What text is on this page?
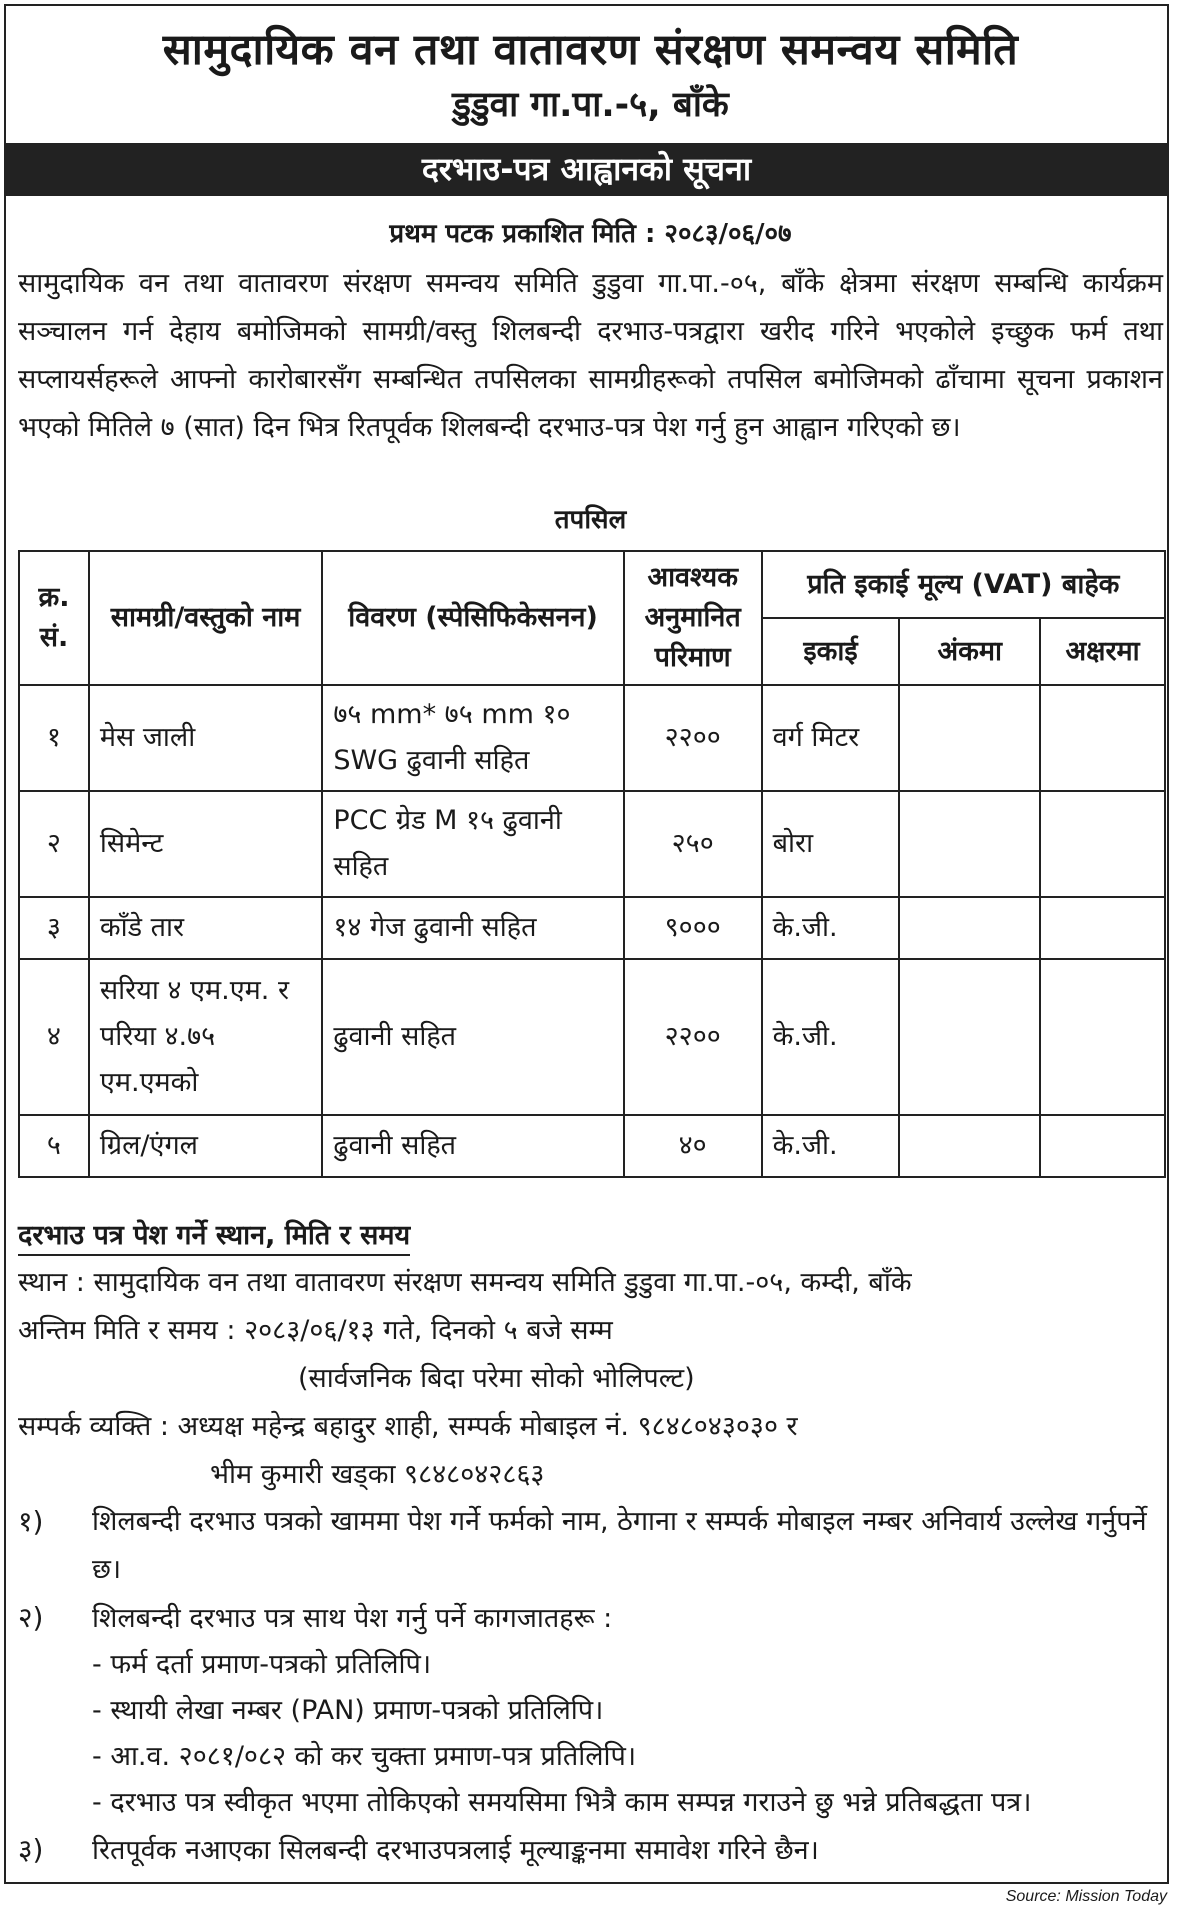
सामुदायिक वन तथा वातावरण संरक्षण समन्वय समिति
डुडुवा गा.पा.-५, बाँके
दरभाउ-पत्र आह्वानको सूचना
प्रथम पटक प्रकाशित मिति : २०८३/०६/०७
सामुदायिक वन तथा वातावरण संरक्षण समन्वय समिति डुडुवा गा.पा.-०५, बाँके क्षेत्रमा संरक्षण सम्बन्धि कार्यक्रम सञ्चालन गर्न देहाय बमोजिमको सामग्री/वस्तु शिलबन्दी दरभाउ-पत्रद्वारा खरीद गरिने भएकोले इच्छुक फर्म तथा सप्लायर्सहरूले आफ्नो कारोबारसँग सम्बन्धित तपसिलका सामग्रीहरूको तपसिल बमोजिमको ढाँचामा सूचना प्रकाशन भएको मितिले ७ (सात) दिन भित्र रितपूर्वक शिलबन्दी दरभाउ-पत्र पेश गर्नु हुन आह्वान गरिएको छ।
तपसिल
क्र. सं.	सामग्री/वस्तुको नाम	विवरण (स्पेसिफिकेसनन)	आवश्यक अनुमानित परिमाण	प्रति इकाई मूल्य (VAT) बाहेक		
				इकाई	अंकमा	अक्षरमा
१	मेस जाली	७५ mm* ७५ mm १० SWG ढुवानी सहित	२२००	वर्ग मिटर		
२	सिमेन्ट	PCC ग्रेड M १५ ढुवानी सहित	२५०	बोरा		
३	काँडे तार	१४ गेज ढुवानी सहित	९०००	के.जी.		
४	सरिया ४ एम.एम. र परिया ४.७५ एम.एमको	ढुवानी सहित	२२००	के.जी.		
५	ग्रिल/एंगल	ढुवानी सहित	४०	के.जी.		
दरभाउ पत्र पेश गर्ने स्थान, मिति र समय
स्थान : सामुदायिक वन तथा वातावरण संरक्षण समन्वय समिति डुडुवा गा.पा.-०५, कम्दी, बाँके
अन्तिम मिति र समय : २०८३/०६/१३ गते, दिनको ५ बजे सम्म
(सार्वजनिक बिदा परेमा सोको भोलिपल्ट)
सम्पर्क व्यक्ति : अध्यक्ष महेन्द्र बहादुर शाही, सम्पर्क मोबाइल नं. ९८४८०४३०३० र
भीम कुमारी खड्का ९८४८०४२८६३
१) शिलबन्दी दरभाउ पत्रको खाममा पेश गर्ने फर्मको नाम, ठेगाना र सम्पर्क मोबाइल नम्बर अनिवार्य उल्लेख गर्नुपर्ने छ।
२) शिलबन्दी दरभाउ पत्र साथ पेश गर्नु पर्ने कागजातहरू :
- फर्म दर्ता प्रमाण-पत्रको प्रतिलिपि।
- स्थायी लेखा नम्बर (PAN) प्रमाण-पत्रको प्रतिलिपि।
- आ.व. २०८१/०८२ को कर चुक्ता प्रमाण-पत्र प्रतिलिपि।
- दरभाउ पत्र स्वीकृत भएमा तोकिएको समयसिमा भित्रै काम सम्पन्न गराउने छु भन्ने प्रतिबद्धता पत्र।
३) रितपूर्वक नआएका सिलबन्दी दरभाउपत्रलाई मूल्याङ्कनमा समावेश गरिने छैन।
Source: Mission Today
